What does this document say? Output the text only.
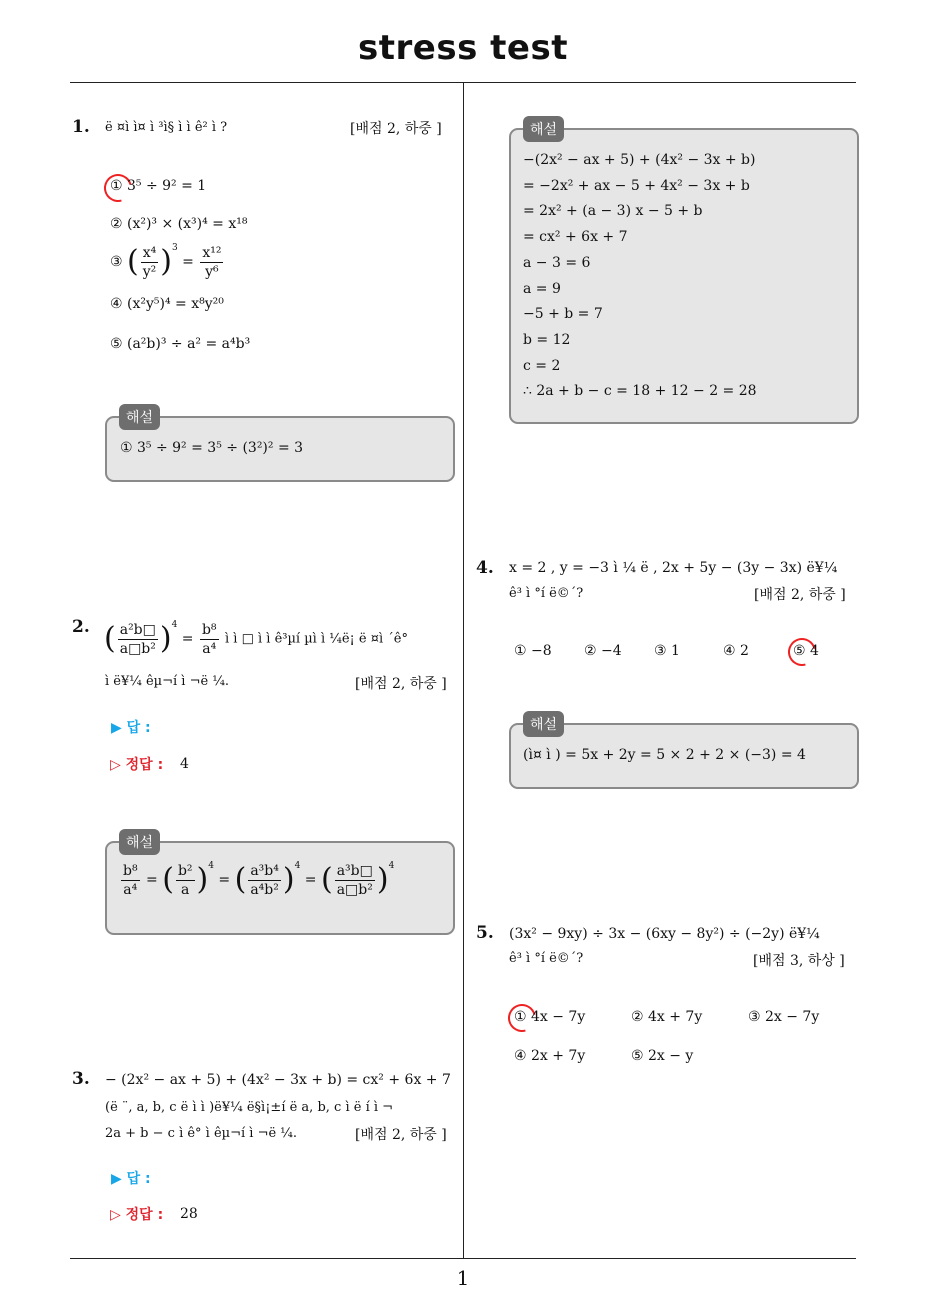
stress test
1
1. ë ¤ì ì¤ ì ³ì§ ì ì ê² ì ?	[배점 2, 하중 ]
① 3⁵ ÷ 9² = 1
② (x²)³ × (x³)⁴ = x¹⁸
③ ( $\frac{\text{x⁴}}{\text{y²}} )^3 = \frac{\text{x¹²}}{\text{y⁶}}$
④ (x²y⁵)⁴ = x⁸y²⁰
⑤ (a²b)³ ÷ a² = a⁴b³
① 3⁵ ÷ 9² = 3⁵ ÷ (3²)² = 3
해설
2. ( $\frac{\text{a²b□}}{\text{a□b²}} )^4 = \frac{\text{b⁸}}{\text{a⁴}}$ ì ì □ ì ì ê³µí µì ì ¼ë¡ ë ¤ì ´ê°
ì ë¥¼ êµ¬í ì ¬ë ¼.	[배점 2, 하중 ]
▶ 답 :
▷ 정답 : 4
$\frac{\text{b⁸}}{\text{a⁴}}$ = ( $\frac{\text{b²}}{a} )^4$ = ( $\frac{\text{a³b⁴}}{\text{a⁴b²}} )^4$ = ( $\frac{\text{a³b□}}{\text{a□b²}} )^4$
해설
3. − (2x² − ax + 5) + (4x² − 3x + b) = cx² + 6x + 7
(ë ¨, a, b, c ë ì ì )ë¥¼ ë§ì¡±í ë a, b, c ì ë í ì ¬
2a + b − c ì ê° ì êµ¬í ì ¬ë ¼.	[배점 2, 하중 ]
▶ 답 :
▷ 정답 : 28
−(2x² − ax + 5) + (4x² − 3x + b)
= −2x² + ax − 5 + 4x² − 3x + b
= 2x² + (a − 3) x − 5 + b
= cx² + 6x + 7
a − 3 = 6
a = 9
−5 + b = 7
b = 12
c = 2
∴ 2a + b − c = 18 + 12 − 2 = 28
해설
4. x = 2 , y = −3 ì ¼ ë , 2x + 5y − (3y − 3x) ë¥¼
ê³ ì °í ë©´?	[배점 2, 하중 ]
① −8 ② −4 ③ 1	④ 2	⑤ 4
(ì¤ ì ) = 5x + 2y = 5 × 2 + 2 × (−3) = 4
해설
5. (3x² − 9xy) ÷ 3x − (6xy − 8y²) ÷ (−2y) ë¥¼
ê³ ì °í ë©´?	[배점 3, 하상 ]
① 4x − 7y	② 4x + 7y	③ 2x − 7y
④ 2x + 7y	⑤ 2x − y
